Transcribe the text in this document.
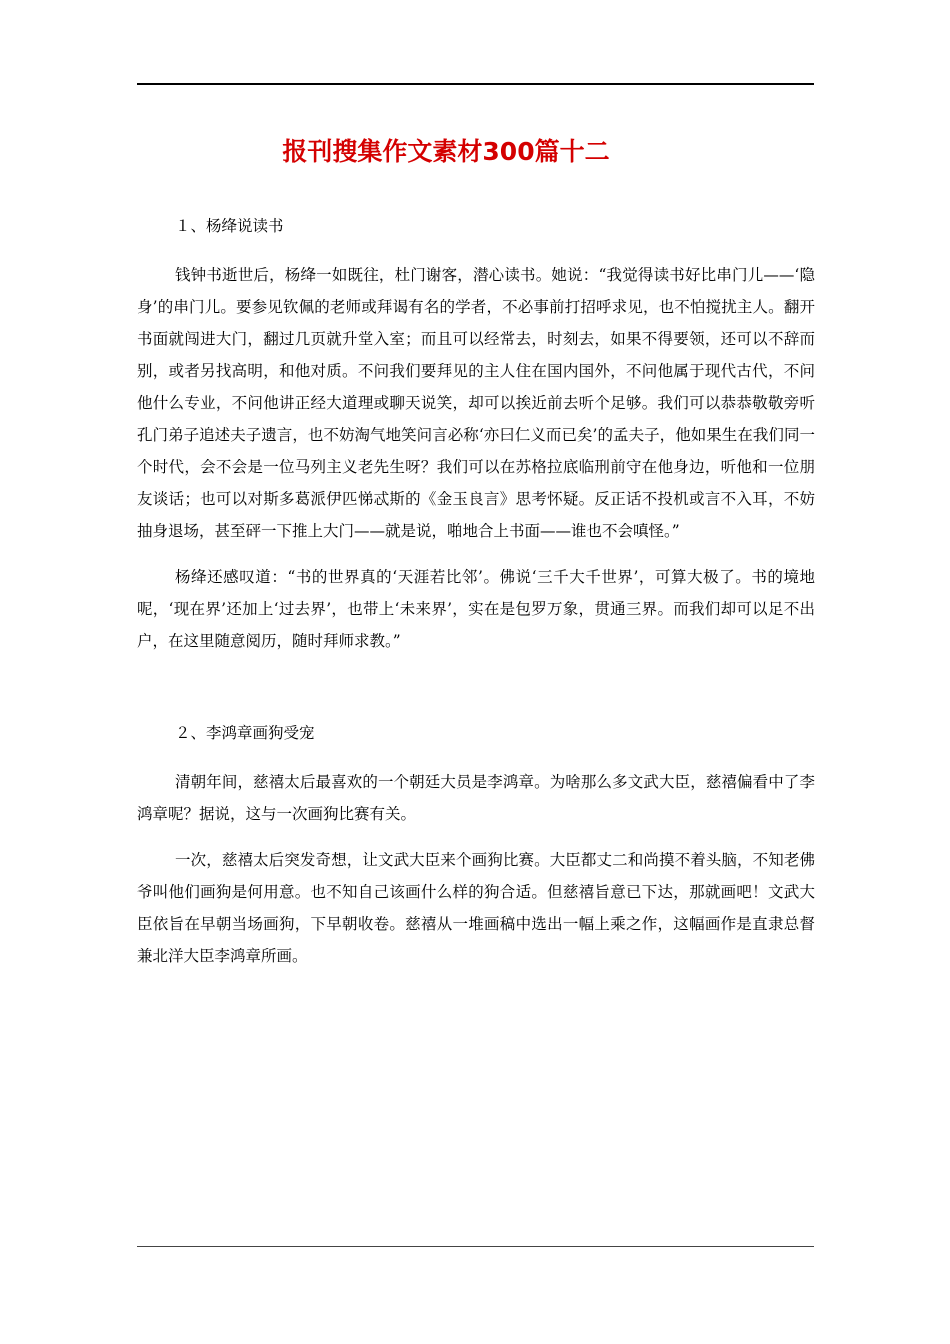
报刊搜集作文素材300篇十二
１、杨绛说读书

钱钟书逝世后，杨绛一如既往，杜门谢客，潜心读书。她说：“我觉得读书好比串门儿——‘隐身’的串门儿。要参见钦佩的老师或拜谒有名的学者，不必事前打招呼求见，也不怕搅扰主人。翻开书面就闯进大门，翻过几页就升堂入室；而且可以经常去，时刻去，如果不得要领，还可以不辞而别，或者另找高明，和他对质。不问我们要拜见的主人住在国内国外，不问他属于现代古代，不问他什么专业，不问他讲正经大道理或聊天说笑，却可以挨近前去听个足够。我们可以恭恭敬敬旁听孔门弟子追述夫子遗言，也不妨淘气地笑问言必称‘亦曰仁义而已矣’的孟夫子，他如果生在我们同一个时代，会不会是一位马列主义老先生呀？我们可以在苏格拉底临刑前守在他身边，听他和一位朋友谈话；也可以对斯多葛派伊匹悌忒斯的《金玉良言》思考怀疑。反正话不投机或言不入耳，不妨抽身退场，甚至砰一下推上大门——就是说，啪地合上书面——谁也不会嗔怪。”

杨绛还感叹道：“书的世界真的‘天涯若比邻’。佛说‘三千大千世界’，可算大极了。书的境地呢，‘现在界’还加上‘过去界’，也带上‘未来界’，实在是包罗万象，贯通三界。而我们却可以足不出户，在这里随意阅历，随时拜师求教。”

２、李鸿章画狗受宠

清朝年间，慈禧太后最喜欢的一个朝廷大员是李鸿章。为啥那么多文武大臣，慈禧偏看中了李鸿章呢？据说，这与一次画狗比赛有关。

一次，慈禧太后突发奇想，让文武大臣来个画狗比赛。大臣都丈二和尚摸不着头脑，不知老佛爷叫他们画狗是何用意。也不知自己该画什么样的狗合适。但慈禧旨意已下达，那就画吧！文武大臣依旨在早朝当场画狗，下早朝收卷。慈禧从一堆画稿中选出一幅上乘之作，这幅画作是直隶总督兼北洋大臣李鸿章所画。
